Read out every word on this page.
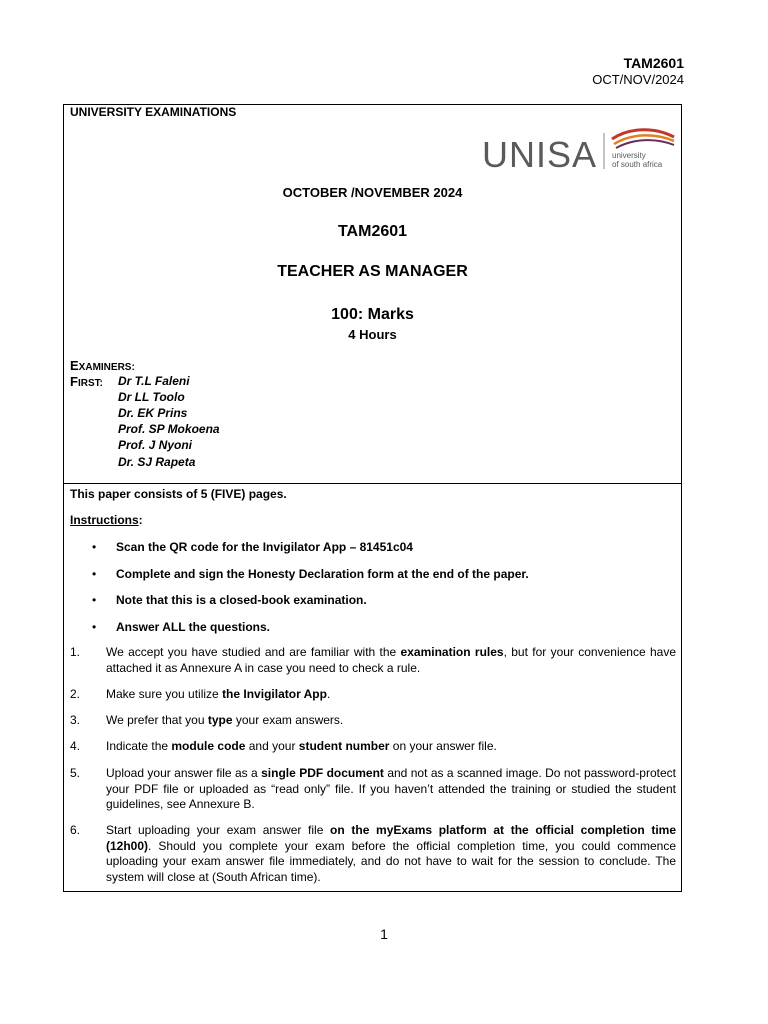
TAM2601
OCT/NOV/2024
UNIVERSITY EXAMINATIONS
UNISA university
of south africa
OCTOBER /NOVEMBER 2024
TAM2601
TEACHER AS MANAGER
100: Marks
4 Hours
EXAMINERS:
FIRST: Dr T.L Faleni
Dr LL Toolo
Dr. EK Prins
Prof. SP Mokoena
Prof. J Nyoni
Dr. SJ Rapeta
This paper consists of 5 (FIVE) pages.
Instructions:
• Scan the QR code for the Invigilator App – 81451c04
• Complete and sign the Honesty Declaration form at the end of the paper.
• Note that this is a closed-book examination.
• Answer ALL the questions.
1. We accept you have studied and are familiar with the examination rules, but for your convenience have attached it as Annexure A in case you need to check a rule.
2. Make sure you utilize the Invigilator App.
3. We prefer that you type your exam answers.
4. Indicate the module code and your student number on your answer file.
5. Upload your answer file as a single PDF document and not as a scanned image. Do not password-protect your PDF file or uploaded as “read only” file. If you haven’t attended the training or studied the student guidelines, see Annexure B.
6. Start uploading your exam answer file on the myExams platform at the official completion time (12h00). Should you complete your exam before the official completion time, you could commence uploading your exam answer file immediately, and do not have to wait for the session to conclude. The system will close at (South African time).
1
